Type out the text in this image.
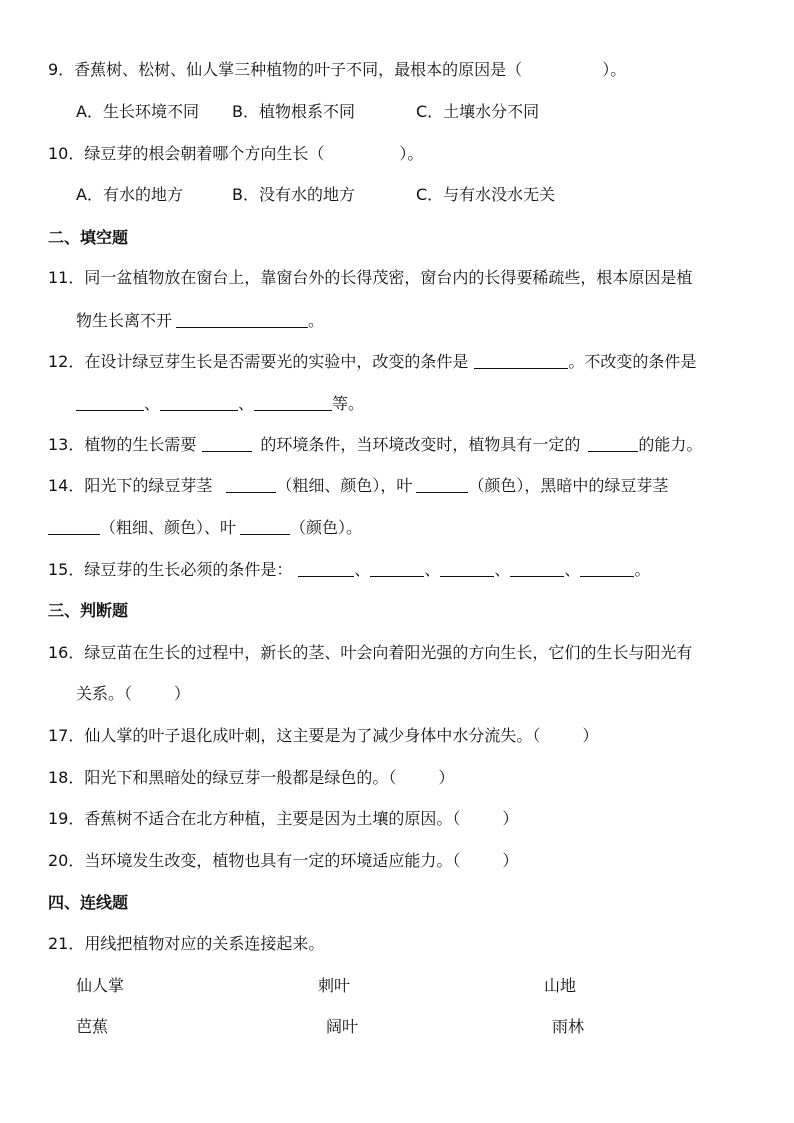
9．香蕉树、松树、仙人掌三种植物的叶子不同，最根本的原因是（	）。
A．生长环境不同 B．植物根系不同	C．土壤水分不同
10．绿豆芽的根会朝着哪个方向生长（	）。
A．有水的地方	B．没有水的地方	C．与有水没水无关
二、填空题
11．同一盆植物放在窗台上，靠窗台外的长得茂密，窗台内的长得要稀疏些，根本原因是植
物生长离不开	。
12．在设计绿豆芽生长是否需要光的实验中，改变的条件是	。不改变的条件是
、	、	等。
13．植物的生长需要	的环境条件，当环境改变时，植物具有一定的	的能力。
14．阳光下的绿豆芽茎	（粗细、颜色），叶	（颜色），黑暗中的绿豆芽茎
（粗细、颜色）、叶	（颜色）。
15．绿豆芽的生长必须的条件是：	、	、	、	、	。
三、判断题
16．绿豆苗在生长的过程中，新长的茎、叶会向着阳光强的方向生长，它们的生长与阳光有
关系。（	）
17．仙人掌的叶子退化成叶刺，这主要是为了减少身体中水分流失。（	）
18．阳光下和黑暗处的绿豆芽一般都是绿色的。（	）
19．香蕉树不适合在北方种植，主要是因为土壤的原因。（	）
20．当环境发生改变，植物也具有一定的环境适应能力。（	）
四、连线题
21．用线把植物对应的关系连接起来。
仙人掌	刺叶	山地
芭蕉	阔叶	雨林
